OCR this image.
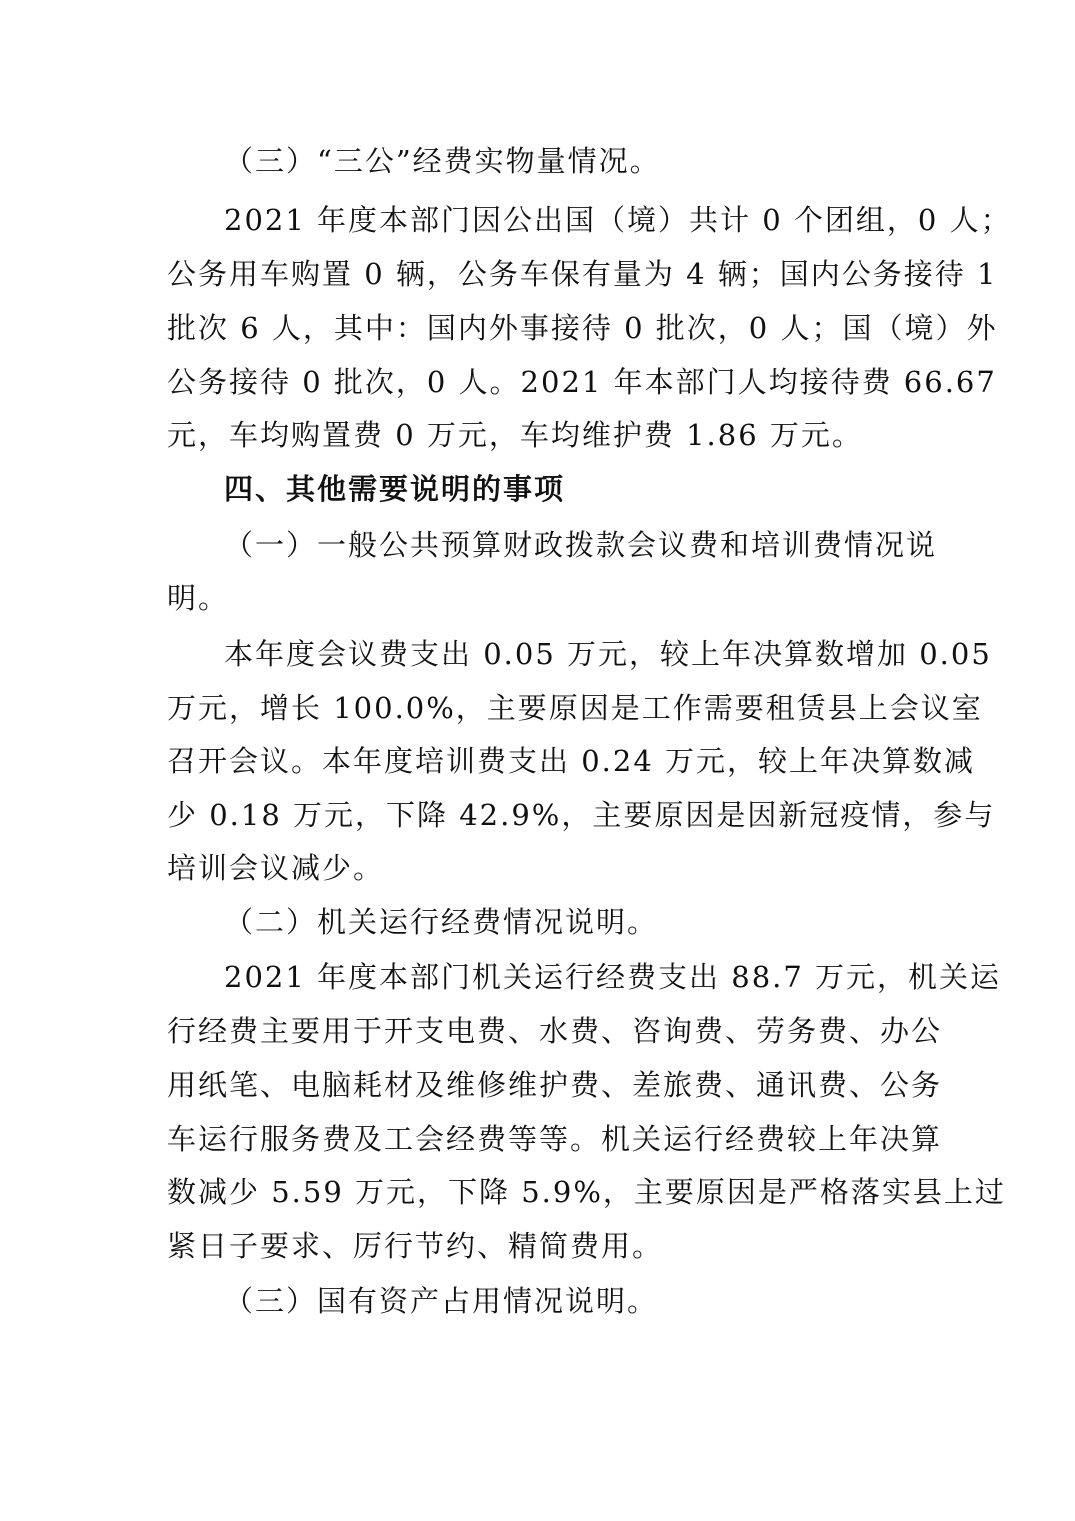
（三）“三公”经费实物量情况。
2021 年度本部门因公出国（境）共计 0 个团组，0 人；
公务用车购置 0 辆，公务车保有量为 4 辆；国内公务接待 1
批次 6 人，其中：国内外事接待 0 批次，0 人；国（境）外
公务接待 0 批次，0 人。2021 年本部门人均接待费 66.67
元，车均购置费 0 万元，车均维护费 1.86 万元。
四、其他需要说明的事项
（一）一般公共预算财政拨款会议费和培训费情况说
明。
本年度会议费支出 0.05 万元，较上年决算数增加 0.05
万元，增长 100.0%，主要原因是工作需要租赁县上会议室
召开会议。本年度培训费支出 0.24 万元，较上年决算数减
少 0.18 万元，下降 42.9%，主要原因是因新冠疫情，参与
培训会议减少。
（二）机关运行经费情况说明。
2021 年度本部门机关运行经费支出 88.7 万元，机关运
行经费主要用于开支电费、水费、咨询费、劳务费、办公
用纸笔、电脑耗材及维修维护费、差旅费、通讯费、公务
车运行服务费及工会经费等等。机关运行经费较上年决算
数减少 5.59 万元，下降 5.9%，主要原因是严格落实县上过
紧日子要求、厉行节约、精简费用。
（三）国有资产占用情况说明。
